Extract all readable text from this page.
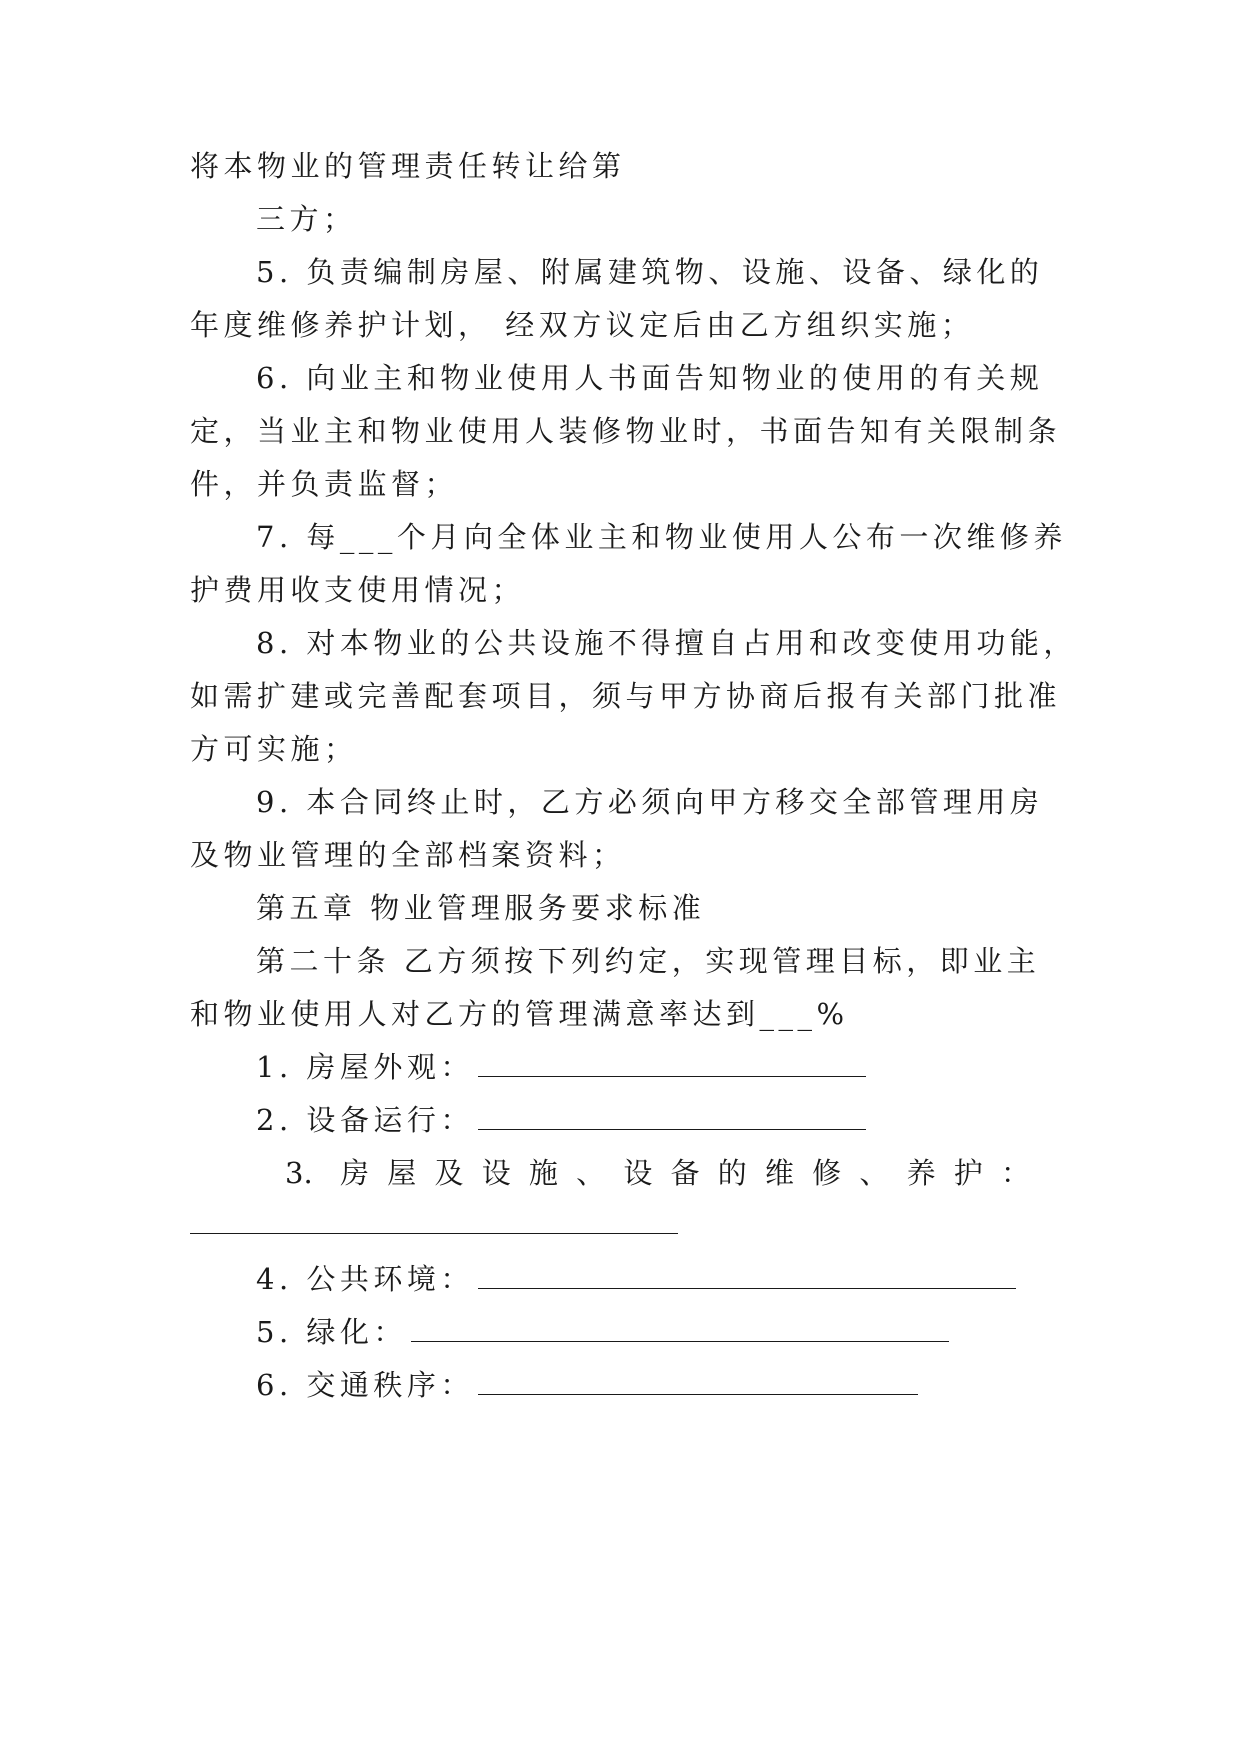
将本物业的管理责任转让给第
三方；
5. 负责编制房屋、附属建筑物、设施、设备、绿化的
年度维修养护计划， 经双方议定后由乙方组织实施；
6. 向业主和物业使用人书面告知物业的使用的有关规
定，当业主和物业使用人装修物业时，书面告知有关限制条
件，并负责监督；
7. 每___个月向全体业主和物业使用人公布一次维修养
护费用收支使用情况；
8. 对本物业的公共设施不得擅自占用和改变使用功能，
如需扩建或完善配套项目，须与甲方协商后报有关部门批准
方可实施；
9. 本合同终止时，乙方必须向甲方移交全部管理用房
及物业管理的全部档案资料；
第五章 物业管理服务要求标准
第二十条 乙方须按下列约定，实现管理目标，即业主
和物业使用人对乙方的管理满意率达到___%
1. 房屋外观：
2. 设备运行：
3. 房屋及设施、设备的维修、养护：
4. 公共环境：
5. 绿化：
6. 交通秩序：
